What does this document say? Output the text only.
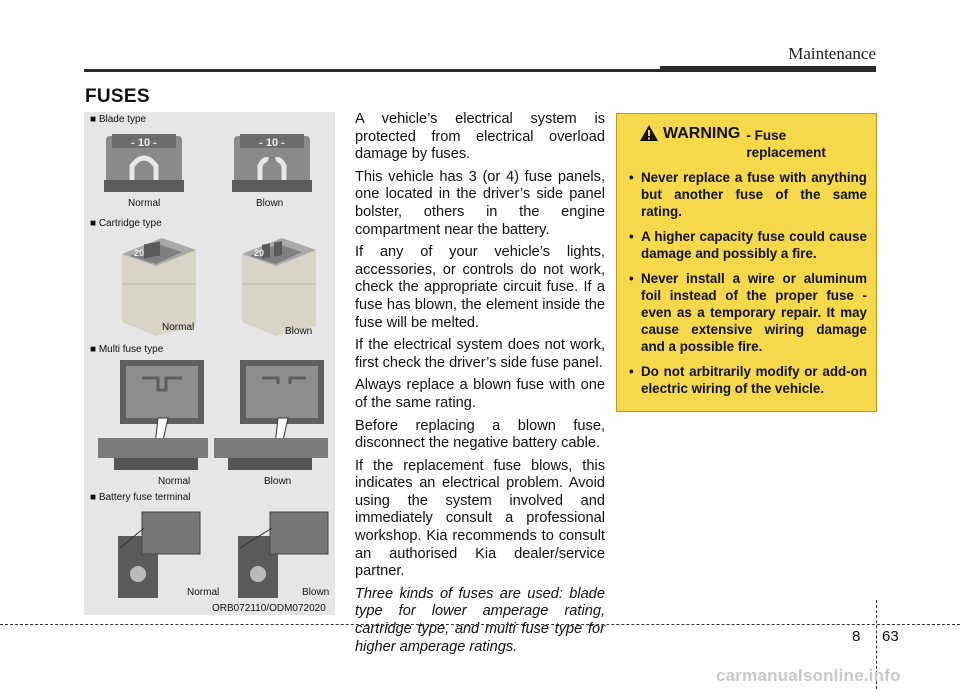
Maintenance
FUSES
■ Blade type
- 10 -
Normal
- 10 -
Blown
■ Cartridge type
20
Normal
20
Blown
■ Multi fuse type
Normal	Blown
■ Battery fuse terminal
Normal	Blown
ORB072110/ODM072020

A vehicle’s electrical system is protected from electrical overload damage by fuses.

This vehicle has 3 (or 4) fuse panels, one located in the driver’s side panel bolster, others in the engine compartment near the battery.

If any of your vehicle’s lights, accessories, or controls do not work, check the appropriate circuit fuse. If a fuse has blown, the element inside the fuse will be melted.

If the electrical system does not work, first check the driver’s side fuse panel.

Always replace a blown fuse with one of the same rating.

Before replacing a blown fuse, disconnect the negative battery cable.

If the replacement fuse blows, this indicates an electrical problem. Avoid using the system involved and immediately consult a professional workshop. Kia recommends to consult an authorised Kia dealer/service partner.

Three kinds of fuses are used: blade type for lower amperage rating, cartridge type, and multi fuse type for higher amperage ratings.

WARNING - Fuse replacement
• Never replace a fuse with anything but another fuse of the same rating.
• A higher capacity fuse could cause damage and possibly a fire.
• Never install a wire or aluminum foil instead of the proper fuse - even as a temporary repair. It may cause extensive wiring damage and a possible fire.
• Do not arbitrarily modify or add-on electric wiring of the vehicle.
8 63
carmanualsonline.info
